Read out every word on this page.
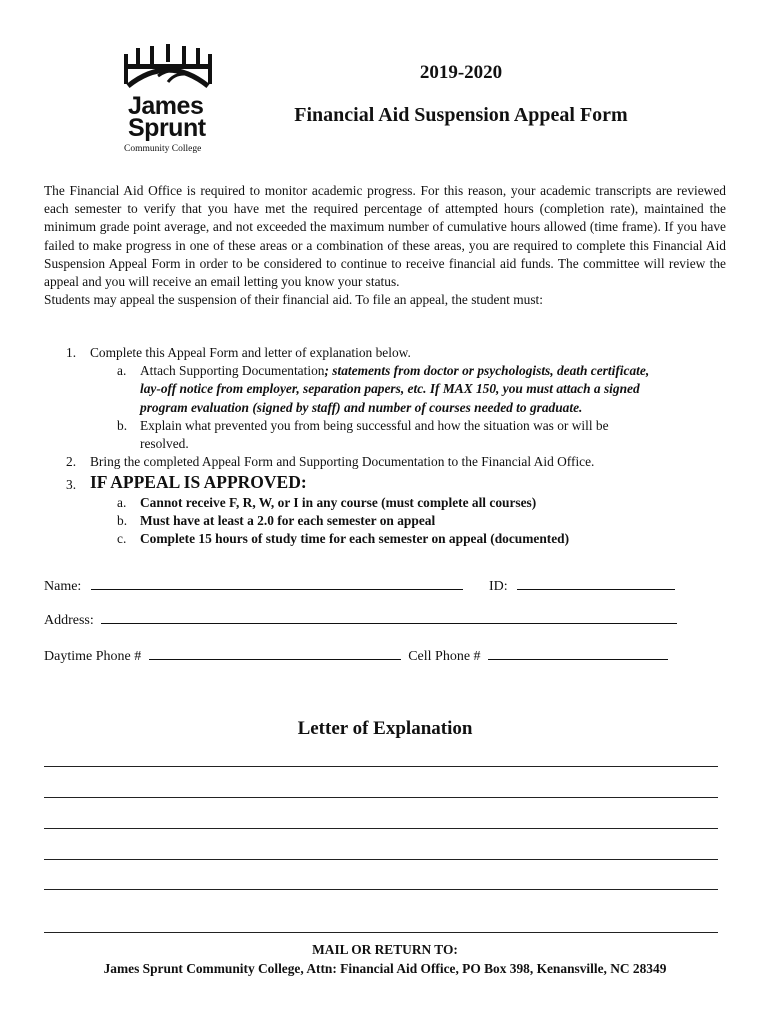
James
Sprunt
Community College
2019-2020
Financial Aid Suspension Appeal Form

The Financial Aid Office is required to monitor academic progress. For this reason, your academic transcripts are reviewed each semester to verify that you have met the required percentage of attempted hours (completion rate), maintained the minimum grade point average, and not exceeded the maximum number of cumulative hours allowed (time frame). If you have failed to make progress in one of these areas or a combination of these areas, you are required to complete this Financial Aid Suspension Appeal Form in order to be considered to continue to receive financial aid funds. The committee will review the appeal and you will receive an email letting you know your status.

Students may appeal the suspension of their financial aid. To file an appeal, the student must:

1. Complete this Appeal Form and letter of explanation below.
a. Attach Supporting Documentation; statements from doctor or psychologists, death certificate,
lay-off notice from employer, separation papers, etc. If MAX 150, you must attach a signed
program evaluation (signed by staff) and number of courses needed to graduate.
b. Explain what prevented you from being successful and how the situation was or will be
resolved.
2. Bring the completed Appeal Form and Supporting Documentation to the Financial Aid Office.
3. IF APPEAL IS APPROVED:
a. Cannot receive F, R, W, or I in any course (must complete all courses)
b. Must have at least a 2.0 for each semester on appeal
c. Complete 15 hours of study time for each semester on appeal (documented)
Name:	ID:
Address:
Daytime Phone #	Cell Phone #
Letter of Explanation
MAIL OR RETURN TO:
James Sprunt Community College, Attn: Financial Aid Office, PO Box 398, Kenansville, NC 28349
